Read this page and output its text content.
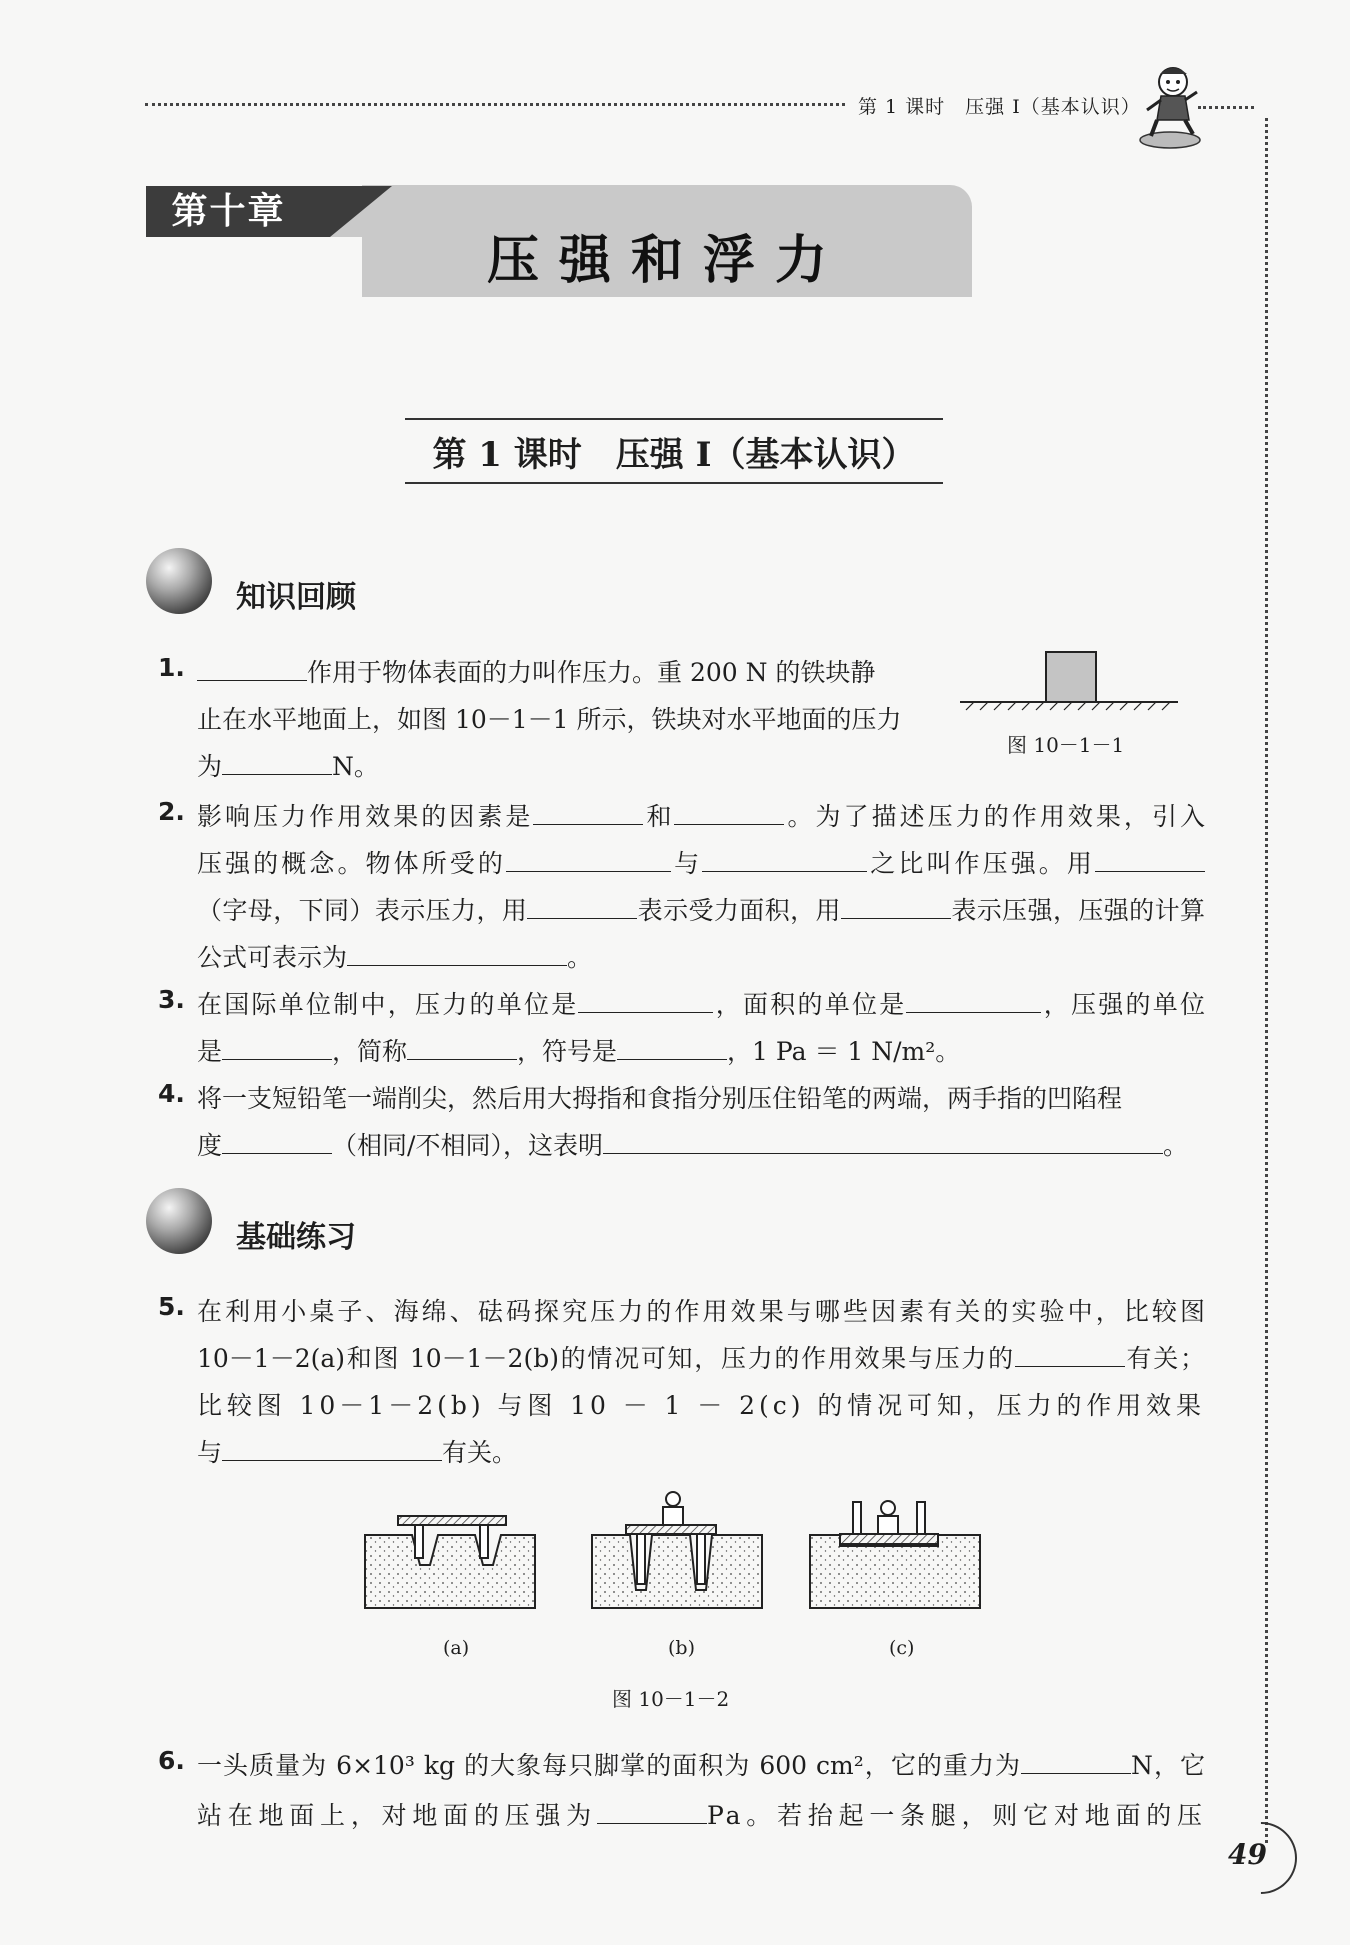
第 1 课时　压强 I（基本认识）
第十章
压强和浮力
第 1 课时　压强 I（基本认识）
知识回顾
1.	作用于物体表面的力叫作压力。重 200 N 的铁块静
止在水平地面上，如图 10－1－1 所示，铁块对水平地面的压力
为	N。
图 10－1－1
2. 影响压力作用效果的因素是	和	。为了描述压力的作用效果，引入
压强的概念。物体所受的	与	之比叫作压强。用
（字母，下同）表示压力，用	表示受力面积，用	表示压强，压强的计算
公式可表示为	。
3. 在国际单位制中，压力的单位是	，面积的单位是	，压强的单位
是	，简称	，符号是	，1 Pa ＝ 1 N/m²。
4. 将一支短铅笔一端削尖，然后用大拇指和食指分别压住铅笔的两端，两手指的凹陷程
度	（相同/不相同），这表明	。
基础练习
5. 在利用小桌子、海绵、砝码探究压力的作用效果与哪些因素有关的实验中，比较图
10－1－2(a)和图 10－1－2(b)的情况可知，压力的作用效果与压力的	有关；
比较图 10－1－2(b) 与图 10 － 1 － 2(c) 的情况可知，压力的作用效果
与	有关。
(a)	(b)	(c)
图 10－1－2
6. 一头质量为 6×10³ kg 的大象每只脚掌的面积为 600 cm²，它的重力为	N，它
站在地面上，对地面的压强为	Pa。若抬起一条腿，则它对地面的压
49
